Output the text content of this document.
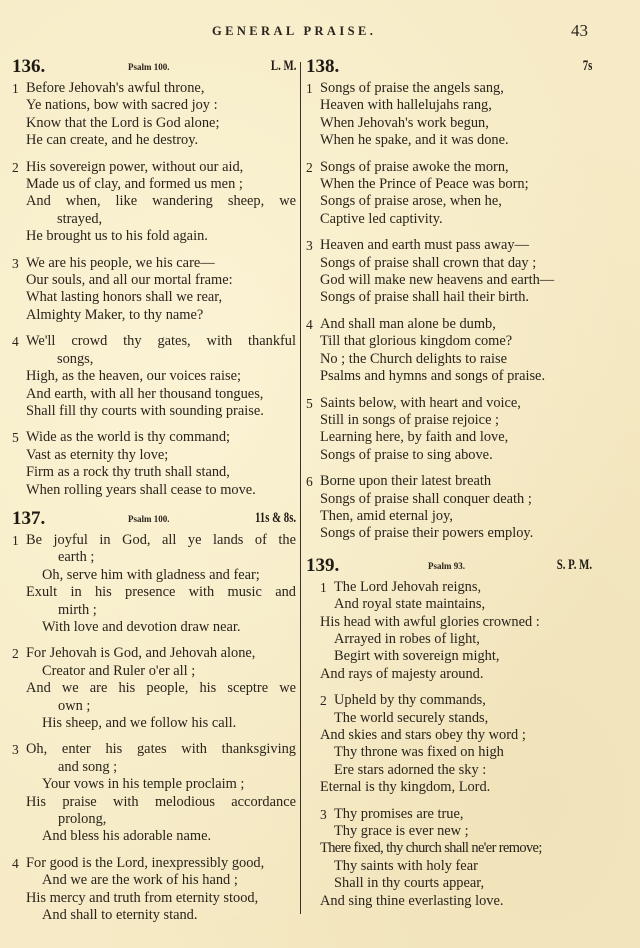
GENERAL PRAISE.	43
136.	Psalm 100.	L. M.
1 Before Jehovah's awful throne,
Ye nations, bow with sacred joy :
Know that the Lord is God alone;
He can create, and he destroy.
2 His sovereign power, without our aid,
Made us of clay, and formed us men ;
And when, like wandering sheep, we
strayed,
He brought us to his fold again.
3 We are his people, we his care—
Our souls, and all our mortal frame:
What lasting honors shall we rear,
Almighty Maker, to thy name?
4 We'll crowd thy gates, with thankful
songs,
High, as the heaven, our voices raise;
And earth, with all her thousand tongues,
Shall fill thy courts with sounding praise.
5 Wide as the world is thy command;
Vast as eternity thy love;
Firm as a rock thy truth shall stand,
When rolling years shall cease to move.
137.	Psalm 100.	11s & 8s.
1 Be joyful in God, all ye lands of the
earth ;
Oh, serve him with gladness and fear;
Exult in his presence with music and
mirth ;
With love and devotion draw near.
2 For Jehovah is God, and Jehovah alone,
Creator and Ruler o'er all ;
And we are his people, his sceptre we
own ;
His sheep, and we follow his call.
3 Oh, enter his gates with thanksgiving
and song ;
Your vows in his temple proclaim ;
His praise with melodious accordance
prolong,
And bless his adorable name.
4 For good is the Lord, inexpressibly good,
And we are the work of his hand ;
His mercy and truth from eternity stood,
And shall to eternity stand.
138.	7s
1 Songs of praise the angels sang,
Heaven with hallelujahs rang,
When Jehovah's work begun,
When he spake, and it was done.
2 Songs of praise awoke the morn,
When the Prince of Peace was born;
Songs of praise arose, when he,
Captive led captivity.
3 Heaven and earth must pass away—
Songs of praise shall crown that day ;
God will make new heavens and earth—
Songs of praise shall hail their birth.
4 And shall man alone be dumb,
Till that glorious kingdom come?
No ; the Church delights to raise
Psalms and hymns and songs of praise.
5 Saints below, with heart and voice,
Still in songs of praise rejoice ;
Learning here, by faith and love,
Songs of praise to sing above.
6 Borne upon their latest breath
Songs of praise shall conquer death ;
Then, amid eternal joy,
Songs of praise their powers employ.
139.	Psalm 93.	S. P. M.
1 The Lord Jehovah reigns,
And royal state maintains,
His head with awful glories crowned :
Arrayed in robes of light,
Begirt with sovereign might,
And rays of majesty around.
2 Upheld by thy commands,
The world securely stands,
And skies and stars obey thy word ;
Thy throne was fixed on high
Ere stars adorned the sky :
Eternal is thy kingdom, Lord.
3 Thy promises are true,
Thy grace is ever new ;
There fixed, thy church shall ne'er remove;
Thy saints with holy fear
Shall in thy courts appear,
And sing thine everlasting love.
